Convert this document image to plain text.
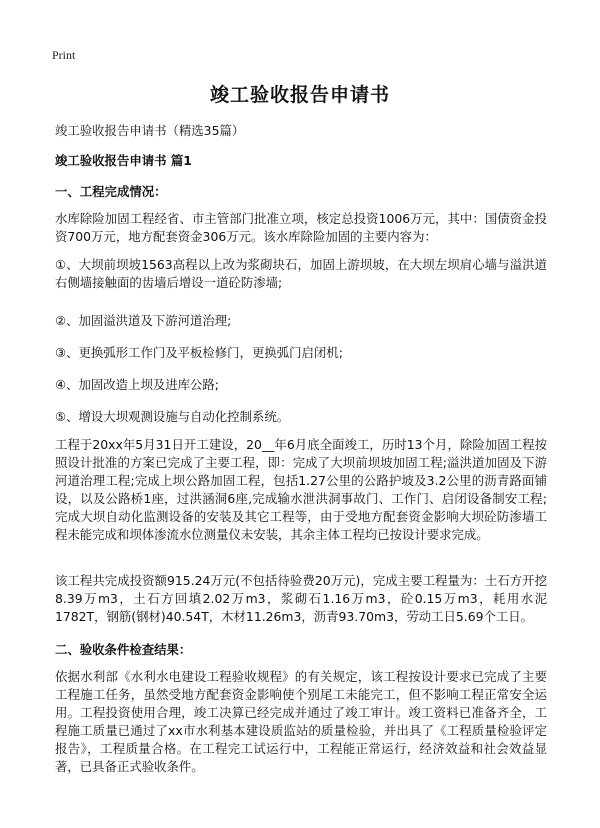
Print
竣工验收报告申请书
竣工验收报告申请书（精选35篇）
竣工验收报告申请书 篇1
一、工程完成情况：
水库除险加固工程经省、市主管部门批准立项，核定总投资1006万元，其中：国债资金投资700万元，地方配套资金306万元。该水库除险加固的主要内容为：
①、大坝前坝坡1563高程以上改为浆砌块石，加固上游坝坡，在大坝左坝肩心墙与溢洪道右侧墙接触面的齿墙后增设一道砼防渗墙;
②、加固溢洪道及下游河道治理;
③、更换弧形工作门及平板检修门，更换弧门启闭机;
④、加固改造上坝及进库公路;
⑤、增设大坝观测设施与自动化控制系统。
工程于20xx年5月31日开工建设，20__年6月底全面竣工，历时13个月，除险加固工程按照设计批准的方案已完成了主要工程，即：完成了大坝前坝坡加固工程;溢洪道加固及下游河道治理工程;完成上坝公路加固工程，包括1.27公里的公路护坡及3.2公里的沥青路面铺设，以及公路桥1座，过洪涵洞6座,完成输水泄洪洞事故门、工作门、启闭设备制安工程;完成大坝自动化监测设备的安装及其它工程等，由于受地方配套资金影响大坝砼防渗墙工程未能完成和坝体渗流水位测量仪未安装，其余主体工程均已按设计要求完成。
该工程共完成投资额915.24万元(不包括待验费20万元)，完成主要工程量为：土石方开挖8.39万m3，土石方回填2.02万m3，浆砌石1.16万m3，砼0.15万m3，耗用水泥1782T，钢筋(钢材)40.54T，木材11.26m3，沥青93.70m3，劳动工日5.69个工日。
二、验收条件检查结果：
依据水利部《水利水电建设工程验收规程》的有关规定，该工程按设计要求已完成了主要工程施工任务，虽然受地方配套资金影响使个别尾工未能完工，但不影响工程正常安全运用。工程投资使用合理，竣工决算已经完成并通过了竣工审计。竣工资料已准备齐全，工程施工质量已通过了xx市水利基本建设质监站的质量检验，并出具了《工程质量检验评定报告》，工程质量合格。在工程完工试运行中，工程能正常运行，经济效益和社会效益显著，已具备正式验收条件。
